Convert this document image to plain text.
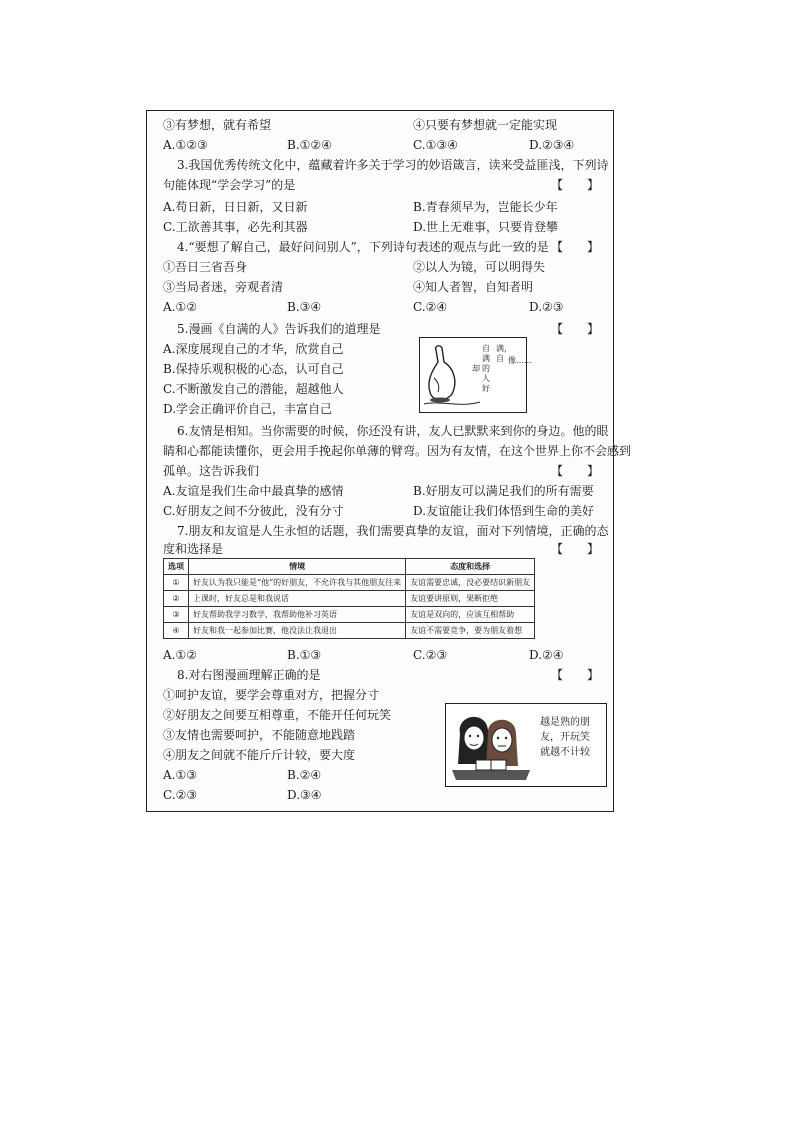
③有梦想，就有希望	④只要有梦想就一定能实现
A.①②③	B.①②④	C.①③④	D.②③④
3.我国优秀传统文化中，蕴藏着许多关于学习的妙语箴言，读来受益匪浅，下列诗
句能体现“学会学习”的是	【　　】
A.苟日新，日日新，又日新	B.青春须早为，岂能长少年
C.工欲善其事，必先利其器	D.世上无难事，只要肯登攀
4.“要想了解自己，最好问问别人”，下列诗句表述的观点与此一致的是 【　　】
①吾日三省吾身	②以人为镜，可以明得失
③当局者迷，旁观者清	④知人者智，自知者明
A.①②	B.③④	C.②④	D.②③
5.漫画《自满的人》告诉我们的道理是	【　　】
A.深度展现自己的才华，欣赏自己
B.保持乐观积极的心态，认可自己
C.不断激发自己的潜能，超越他人
D.学会正确评价自己，丰富自己
自满的人好
满，自 像……
却
6.友情是相知。当你需要的时候，你还没有讲，友人已默默来到你的身边。他的眼
睛和心都能读懂你，更会用手挽起你单薄的臂弯。因为有友情，在这个世界上你不会感到
孤单。这告诉我们	【　　】
A.友谊是我们生命中最真挚的感情	B.好朋友可以满足我们的所有需要
C.好朋友之间不分彼此，没有分寸	D.友谊能让我们体悟到生命的美好
7.朋友和友谊是人生永恒的话题，我们需要真挚的友谊，面对下列情境，正确的态
度和选择是	【　　】
选项	情境	态度和选择
①	好友认为我只能是“他”的好朋友，不允许我与其他朋友往来	友谊需要忠诚，没必要结识新朋友
②	上课时，好友总是和我说话	友谊要讲原则，果断拒绝
③	好友帮助我学习数学，我帮助他补习英语	友谊是双向的，应该互相帮助
④	好友和我一起参加比赛，他没法让我退出	友谊不需要竞争，要为朋友着想
A.①②	B.①③	C.②③	D.②④
8.对右图漫画理解正确的是	【　　】
①呵护友谊，要学会尊重对方，把握分寸
②好朋友之间要互相尊重，不能开任何玩笑
③友情也需要呵护，不能随意地践踏
④朋友之间就不能斤斤计较，要大度
A.①③	B.②④
C.②③	D.③④
越是熟的朋
友，开玩笑
就越不计较
